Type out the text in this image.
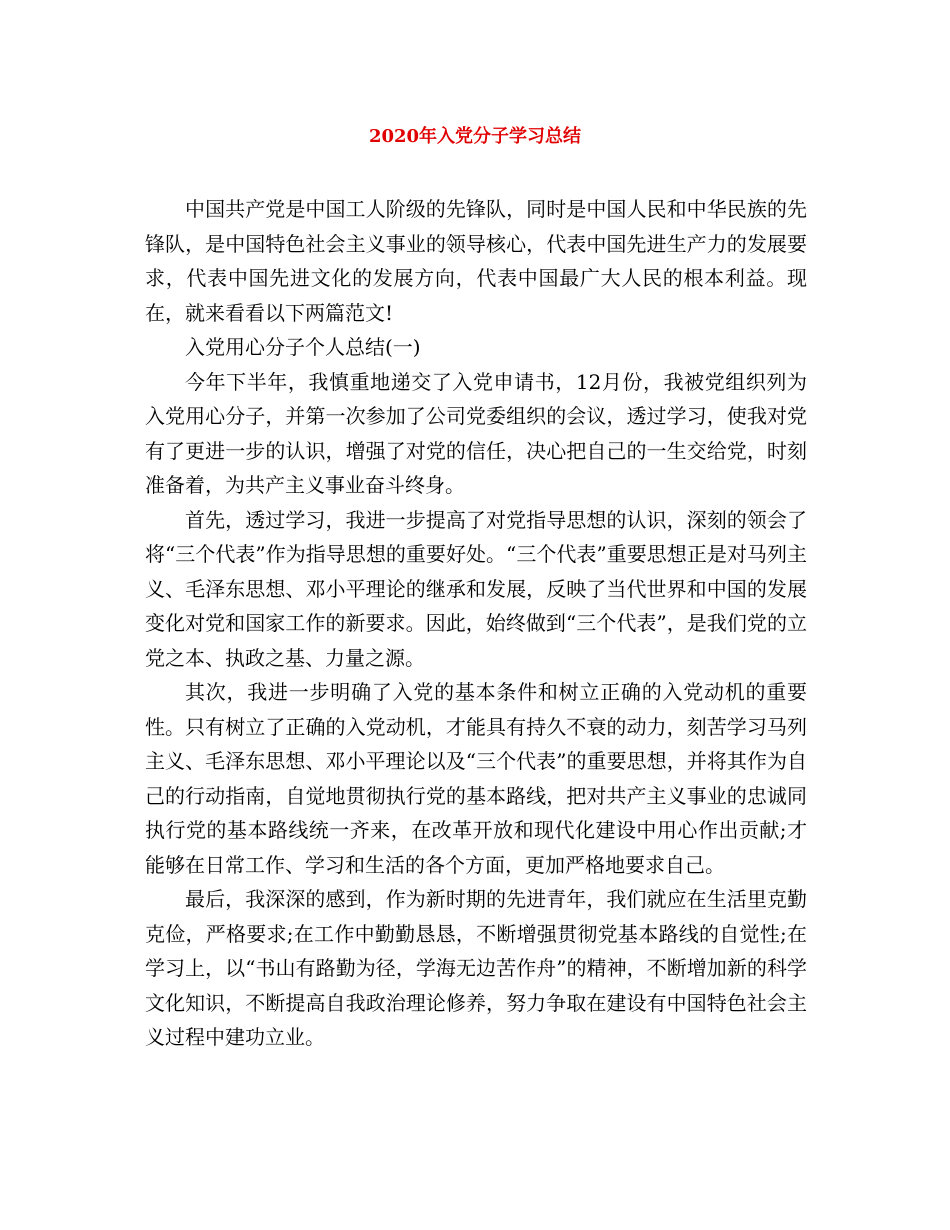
2020年入党分子学习总结

中国共产党是中国工人阶级的先锋队，同时是中国人民和中华民族的先锋队，是中国特色社会主义事业的领导核心，代表中国先进生产力的发展要求，代表中国先进文化的发展方向，代表中国最广大人民的根本利益。现在，就来看看以下两篇范文!

入党用心分子个人总结(一)

今年下半年，我慎重地递交了入党申请书，12月份，我被党组织列为入党用心分子，并第一次参加了公司党委组织的会议，透过学习，使我对党有了更进一步的认识，增强了对党的信任，决心把自己的一生交给党，时刻准备着，为共产主义事业奋斗终身。

首先，透过学习，我进一步提高了对党指导思想的认识，深刻的领会了将“三个代表”作为指导思想的重要好处。“三个代表”重要思想正是对马列主义、毛泽东思想、邓小平理论的继承和发展，反映了当代世界和中国的发展变化对党和国家工作的新要求。因此，始终做到“三个代表”，是我们党的立党之本、执政之基、力量之源。

其次，我进一步明确了入党的基本条件和树立正确的入党动机的重要性。只有树立了正确的入党动机，才能具有持久不衰的动力，刻苦学习马列主义、毛泽东思想、邓小平理论以及“三个代表”的重要思想，并将其作为自己的行动指南，自觉地贯彻执行党的基本路线，把对共产主义事业的忠诚同执行党的基本路线统一齐来，在改革开放和现代化建设中用心作出贡献;才能够在日常工作、学习和生活的各个方面，更加严格地要求自己。

最后，我深深的感到，作为新时期的先进青年，我们就应在生活里克勤克俭，严格要求;在工作中勤勤恳恳，不断增强贯彻党基本路线的自觉性;在学习上，以“书山有路勤为径，学海无边苦作舟”的精神，不断增加新的科学文化知识，不断提高自我政治理论修养，努力争取在建设有中国特色社会主义过程中建功立业。
